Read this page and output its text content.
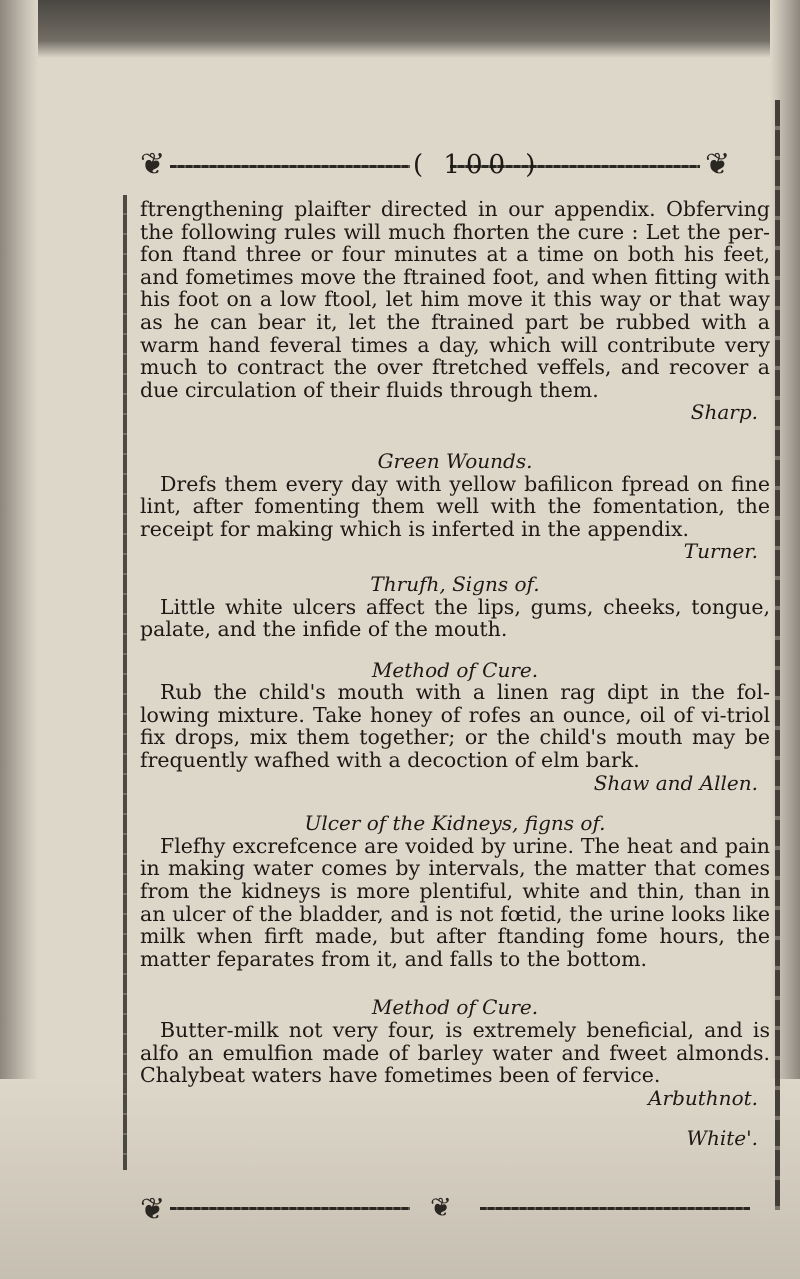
❦	❦
( 100 )

ftrengthening plaifter directed in our appendix. Obferving the following rules will much fhorten the cure : Let the per-fon ftand three or four minutes at a time on both his feet, and fometimes move the ftrained foot, and when fitting with his foot on a low ftool, let him move it this way or that way as he can bear it, let the ftrained part be rubbed with a warm hand feveral times a day, which will contribute very much to contract the over ftretched veffels, and recover a due circulation of their fluids through them.

Sharp.

Green Wounds.

Drefs them every day with yellow bafilicon fpread on fine lint, after fomenting them well with the fomentation, the receipt for making which is inferted in the appendix.

Turner.

Thrufh, Signs of.

Little white ulcers affect the lips, gums, cheeks, tongue, palate, and the infide of the mouth.

Method of Cure.

Rub the child's mouth with a linen rag dipt in the fol-lowing mixture. Take honey of rofes an ounce, oil of vi-triol fix drops, mix them together; or the child's mouth may be frequently wafhed with a decoction of elm bark.

Shaw and Allen.

Ulcer of the Kidneys, figns of.

Flefhy excrefcence are voided by urine. The heat and pain in making water comes by intervals, the matter that comes from the kidneys is more plentiful, white and thin, than in an ulcer of the bladder, and is not fœtid, the urine looks like milk when firft made, but after ftanding fome hours, the matter feparates from it, and falls to the bottom.

Method of Cure.

Butter-milk not very four, is extremely beneficial, and is alfo an emulfion made of barley water and fweet almonds. Chalybeat waters have fometimes been of fervice.

Arbuthnot.

White'.

❦	❦
